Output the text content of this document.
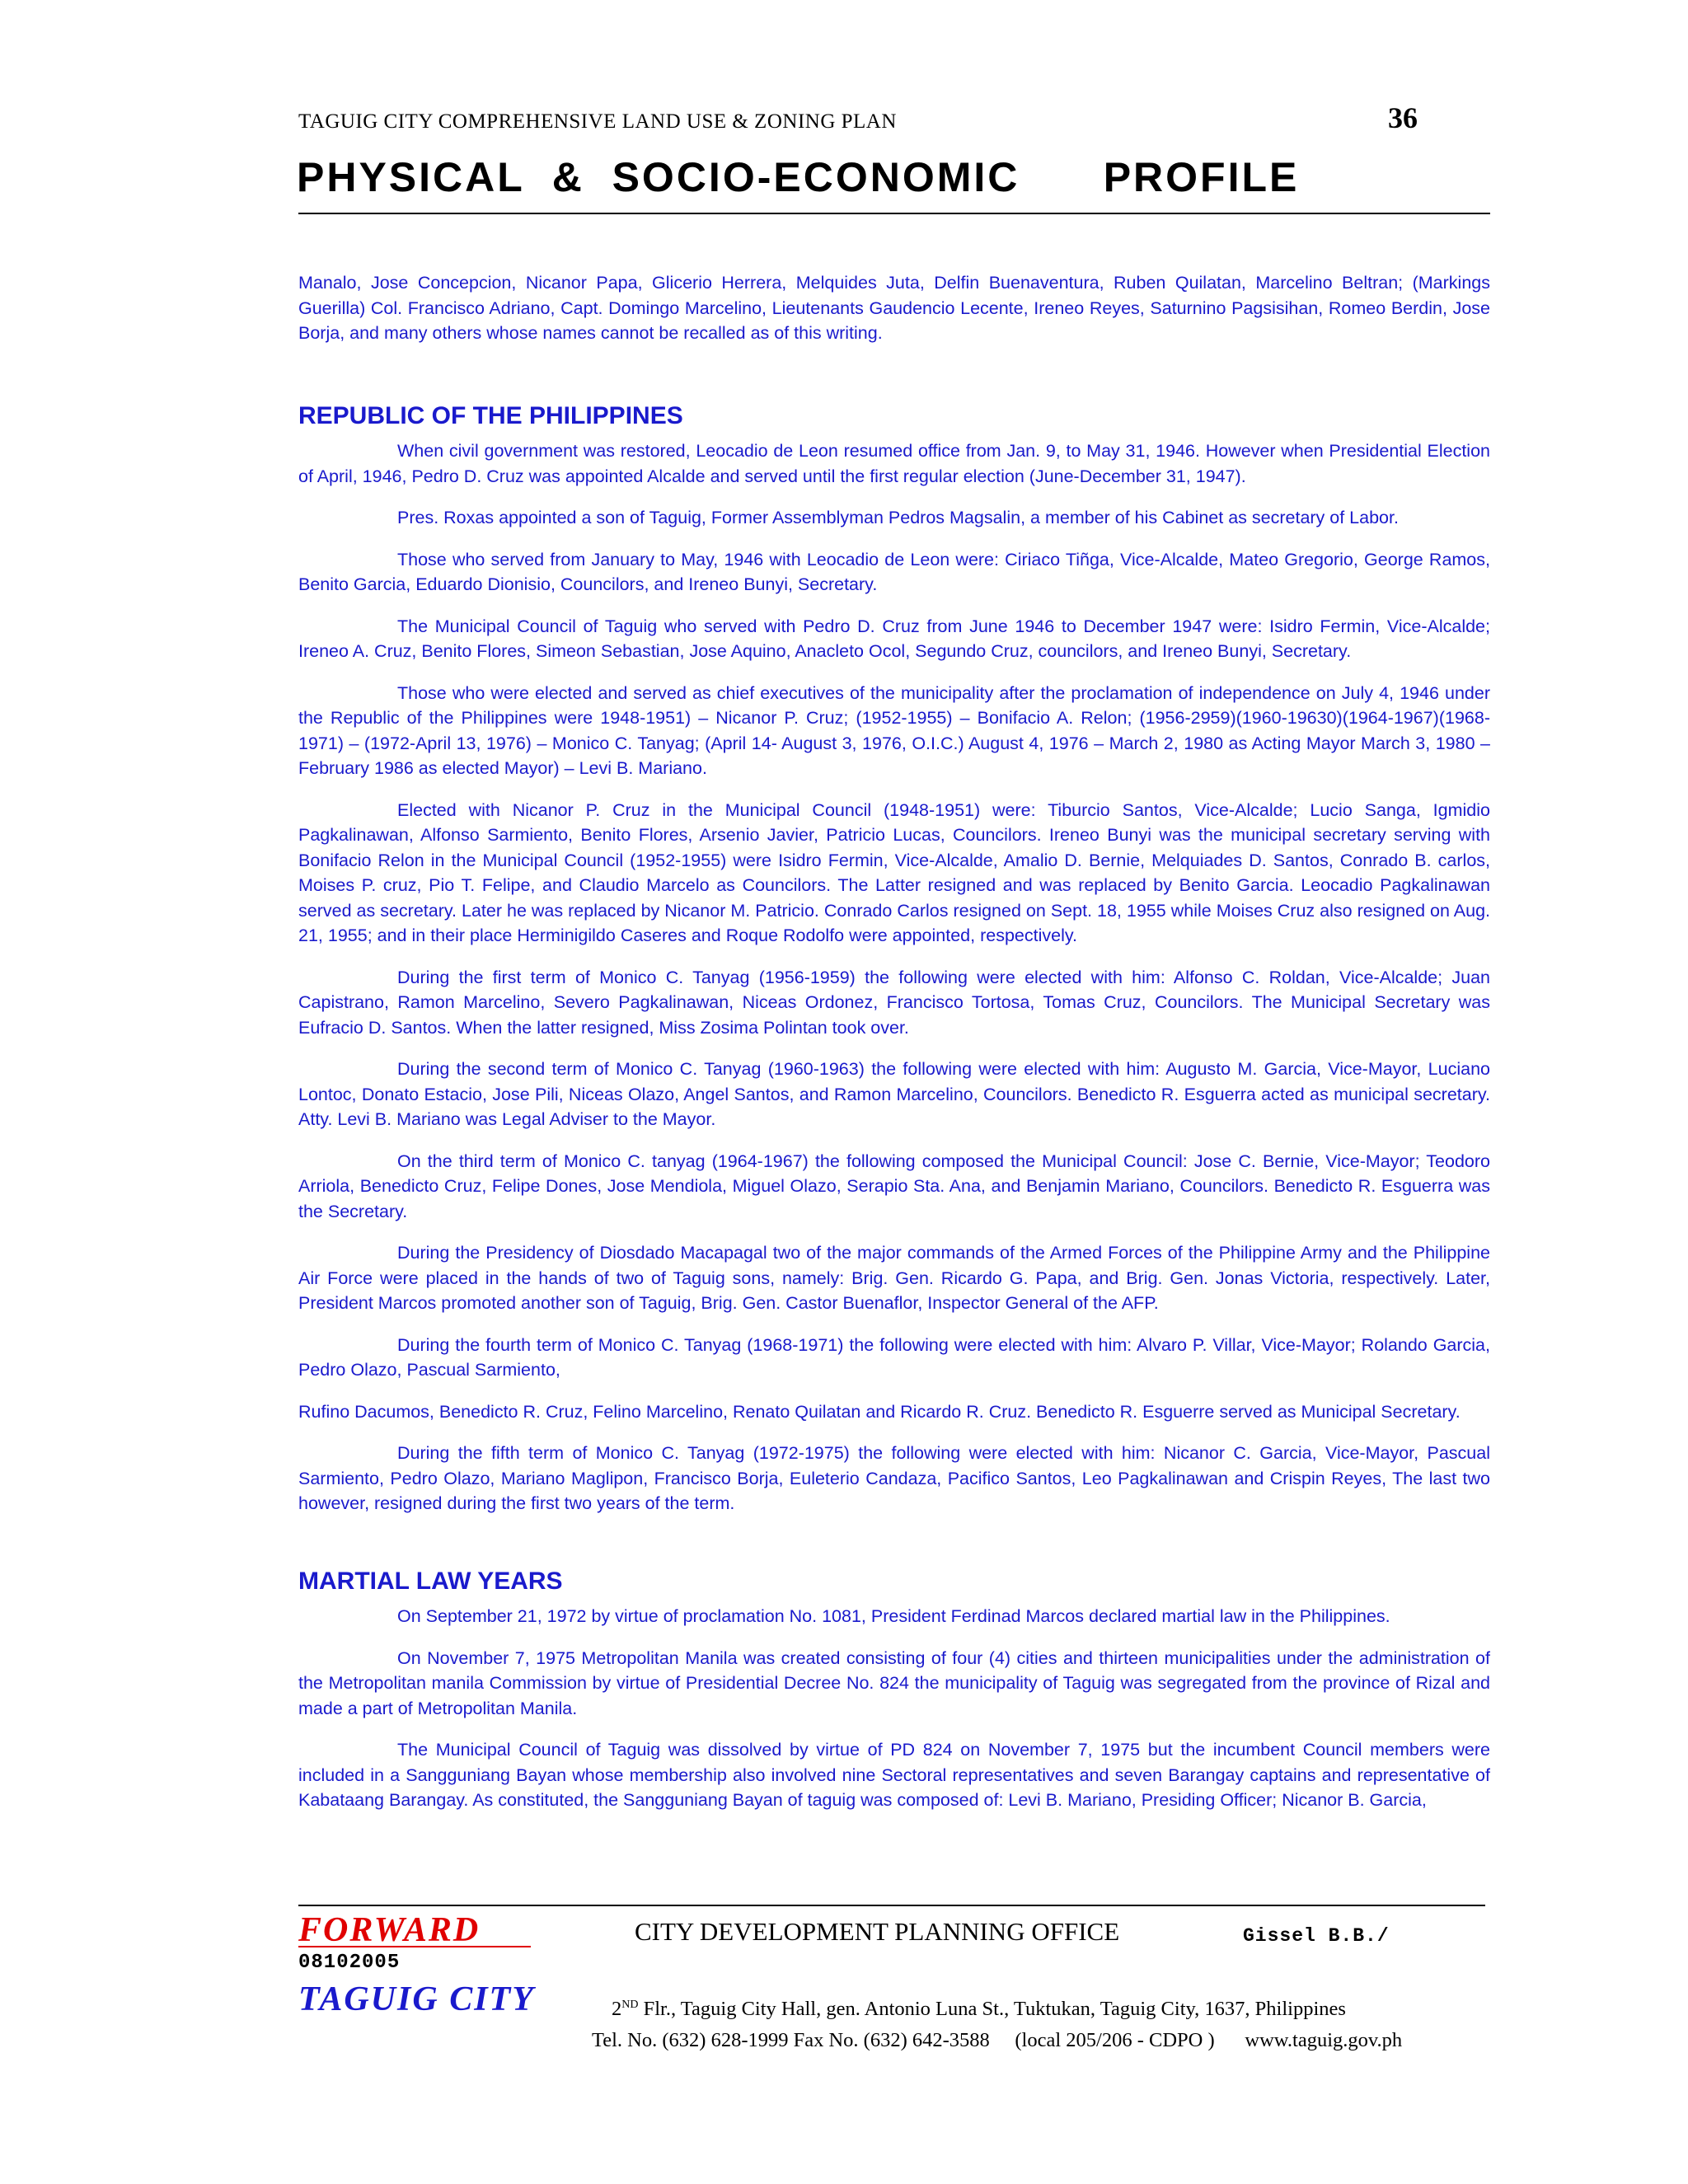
TAGUIG CITY COMPREHENSIVE LAND USE & ZONING PLAN	36
PHYSICAL  &  SOCIO-ECONOMIC      PROFILE

Manalo, Jose Concepcion, Nicanor Papa, Glicerio Herrera, Melquides Juta, Delfin Buenaventura, Ruben Quilatan, Marcelino Beltran; (Markings Guerilla) Col. Francisco Adriano, Capt. Domingo Marcelino, Lieutenants Gaudencio Lecente, Ireneo Reyes, Saturnino Pagsisihan, Romeo Berdin, Jose Borja, and many others whose names cannot be recalled as of this writing.

REPUBLIC OF THE PHILIPPINES

When civil government was restored, Leocadio de Leon resumed office from Jan. 9, to May 31, 1946. However when Presidential Election of April, 1946, Pedro D. Cruz was appointed Alcalde and served until the first regular election (June-December 31, 1947).

Pres. Roxas appointed a son of Taguig, Former Assemblyman Pedros Magsalin, a member of his Cabinet as secretary of Labor.

Those who served from January to May, 1946 with Leocadio de Leon were: Ciriaco Tiñga, Vice-Alcalde, Mateo Gregorio, George Ramos, Benito Garcia, Eduardo Dionisio, Councilors, and Ireneo Bunyi, Secretary.

The Municipal Council of Taguig who served with Pedro D. Cruz from June 1946 to December 1947 were: Isidro Fermin, Vice-Alcalde; Ireneo A. Cruz, Benito Flores, Simeon Sebastian, Jose Aquino, Anacleto Ocol, Segundo Cruz, councilors, and Ireneo Bunyi, Secretary.

Those who were elected and served as chief executives of the municipality after the proclamation of independence on July 4, 1946 under the Republic of the Philippines were 1948-1951) – Nicanor P. Cruz; (1952-1955) – Bonifacio A. Relon; (1956-2959)(1960-19630)(1964-1967)(1968-1971) – (1972-April 13, 1976) – Monico C. Tanyag; (April 14- August 3, 1976, O.I.C.) August 4, 1976 – March 2, 1980 as Acting Mayor March 3, 1980 – February 1986 as elected Mayor) – Levi B. Mariano.

Elected with Nicanor P. Cruz in the Municipal Council (1948-1951) were: Tiburcio Santos, Vice-Alcalde; Lucio Sanga, Igmidio Pagkalinawan, Alfonso Sarmiento, Benito Flores, Arsenio Javier, Patricio Lucas, Councilors. Ireneo Bunyi was the municipal secretary serving with Bonifacio Relon in the Municipal Council (1952-1955) were Isidro Fermin, Vice-Alcalde, Amalio D. Bernie, Melquiades D. Santos, Conrado B. carlos, Moises P. cruz, Pio T. Felipe, and Claudio Marcelo as Councilors. The Latter resigned and was replaced by Benito Garcia. Leocadio Pagkalinawan served as secretary. Later he was replaced by Nicanor M. Patricio. Conrado Carlos resigned on Sept. 18, 1955 while Moises Cruz also resigned on Aug. 21, 1955; and in their place Herminigildo Caseres and Roque Rodolfo were appointed, respectively.

During the first term of Monico C. Tanyag (1956-1959) the following were elected with him: Alfonso C. Roldan, Vice-Alcalde; Juan Capistrano, Ramon Marcelino, Severo Pagkalinawan, Niceas Ordonez, Francisco Tortosa, Tomas Cruz, Councilors. The Municipal Secretary was Eufracio D. Santos. When the latter resigned, Miss Zosima Polintan took over.

During the second term of Monico C. Tanyag (1960-1963) the following were elected with him: Augusto M. Garcia, Vice-Mayor, Luciano Lontoc, Donato Estacio, Jose Pili, Niceas Olazo, Angel Santos, and Ramon Marcelino, Councilors. Benedicto R. Esguerra acted as municipal secretary. Atty. Levi B. Mariano was Legal Adviser to the Mayor.

On the third term of Monico C. tanyag (1964-1967) the following composed the Municipal Council: Jose C. Bernie, Vice-Mayor; Teodoro Arriola, Benedicto Cruz, Felipe Dones, Jose Mendiola, Miguel Olazo, Serapio Sta. Ana, and Benjamin Mariano, Councilors. Benedicto R. Esguerra was the Secretary.

During the Presidency of Diosdado Macapagal two of the major commands of the Armed Forces of the Philippine Army and the Philippine Air Force were placed in the hands of two of Taguig sons, namely: Brig. Gen. Ricardo G. Papa, and Brig. Gen. Jonas Victoria, respectively. Later, President Marcos promoted another son of Taguig, Brig. Gen. Castor Buenaflor, Inspector General of the AFP.

During the fourth term of Monico C. Tanyag (1968-1971) the following were elected with him: Alvaro P. Villar, Vice-Mayor; Rolando Garcia, Pedro Olazo, Pascual Sarmiento,

Rufino Dacumos, Benedicto R. Cruz, Felino Marcelino, Renato Quilatan and Ricardo R. Cruz. Benedicto R. Esguerre served as Municipal Secretary.

During the fifth term of Monico C. Tanyag (1972-1975) the following were elected with him: Nicanor C. Garcia, Vice-Mayor, Pascual Sarmiento, Pedro Olazo, Mariano Maglipon, Francisco Borja, Euleterio Candaza, Pacifico Santos, Leo Pagkalinawan and Crispin Reyes, The last two however, resigned during the first two years of the term.

MARTIAL LAW YEARS

On September 21, 1972 by virtue of proclamation No. 1081, President Ferdinad Marcos declared martial law in the Philippines.

On November 7, 1975 Metropolitan Manila was created consisting of four (4) cities and thirteen municipalities under the administration of the Metropolitan manila Commission by virtue of Presidential Decree No. 824 the municipality of Taguig was segregated from the province of Rizal and made a part of Metropolitan Manila.

The Municipal Council of Taguig was dissolved by virtue of PD 824 on November 7, 1975 but the incumbent Council members were included in a Sangguniang Bayan whose membership also involved nine Sectoral representatives and seven Barangay captains and representative of Kabataang Barangay. As constituted, the Sangguniang Bayan of taguig was composed of: Levi B. Mariano, Presiding Officer; Nicanor B. Garcia,

FORWARD
08102005
TAGUIG CITY
CITY DEVELOPMENT PLANNING OFFICE	Gissel B.B./
2ND Flr., Taguig City Hall, gen. Antonio Luna St., Tuktukan, Taguig City, 1637, Philippines
Tel. No. (632) 628-1999 Fax No. (632) 642-3588     (local 205/206 - CDPO )      www.taguig.gov.ph
